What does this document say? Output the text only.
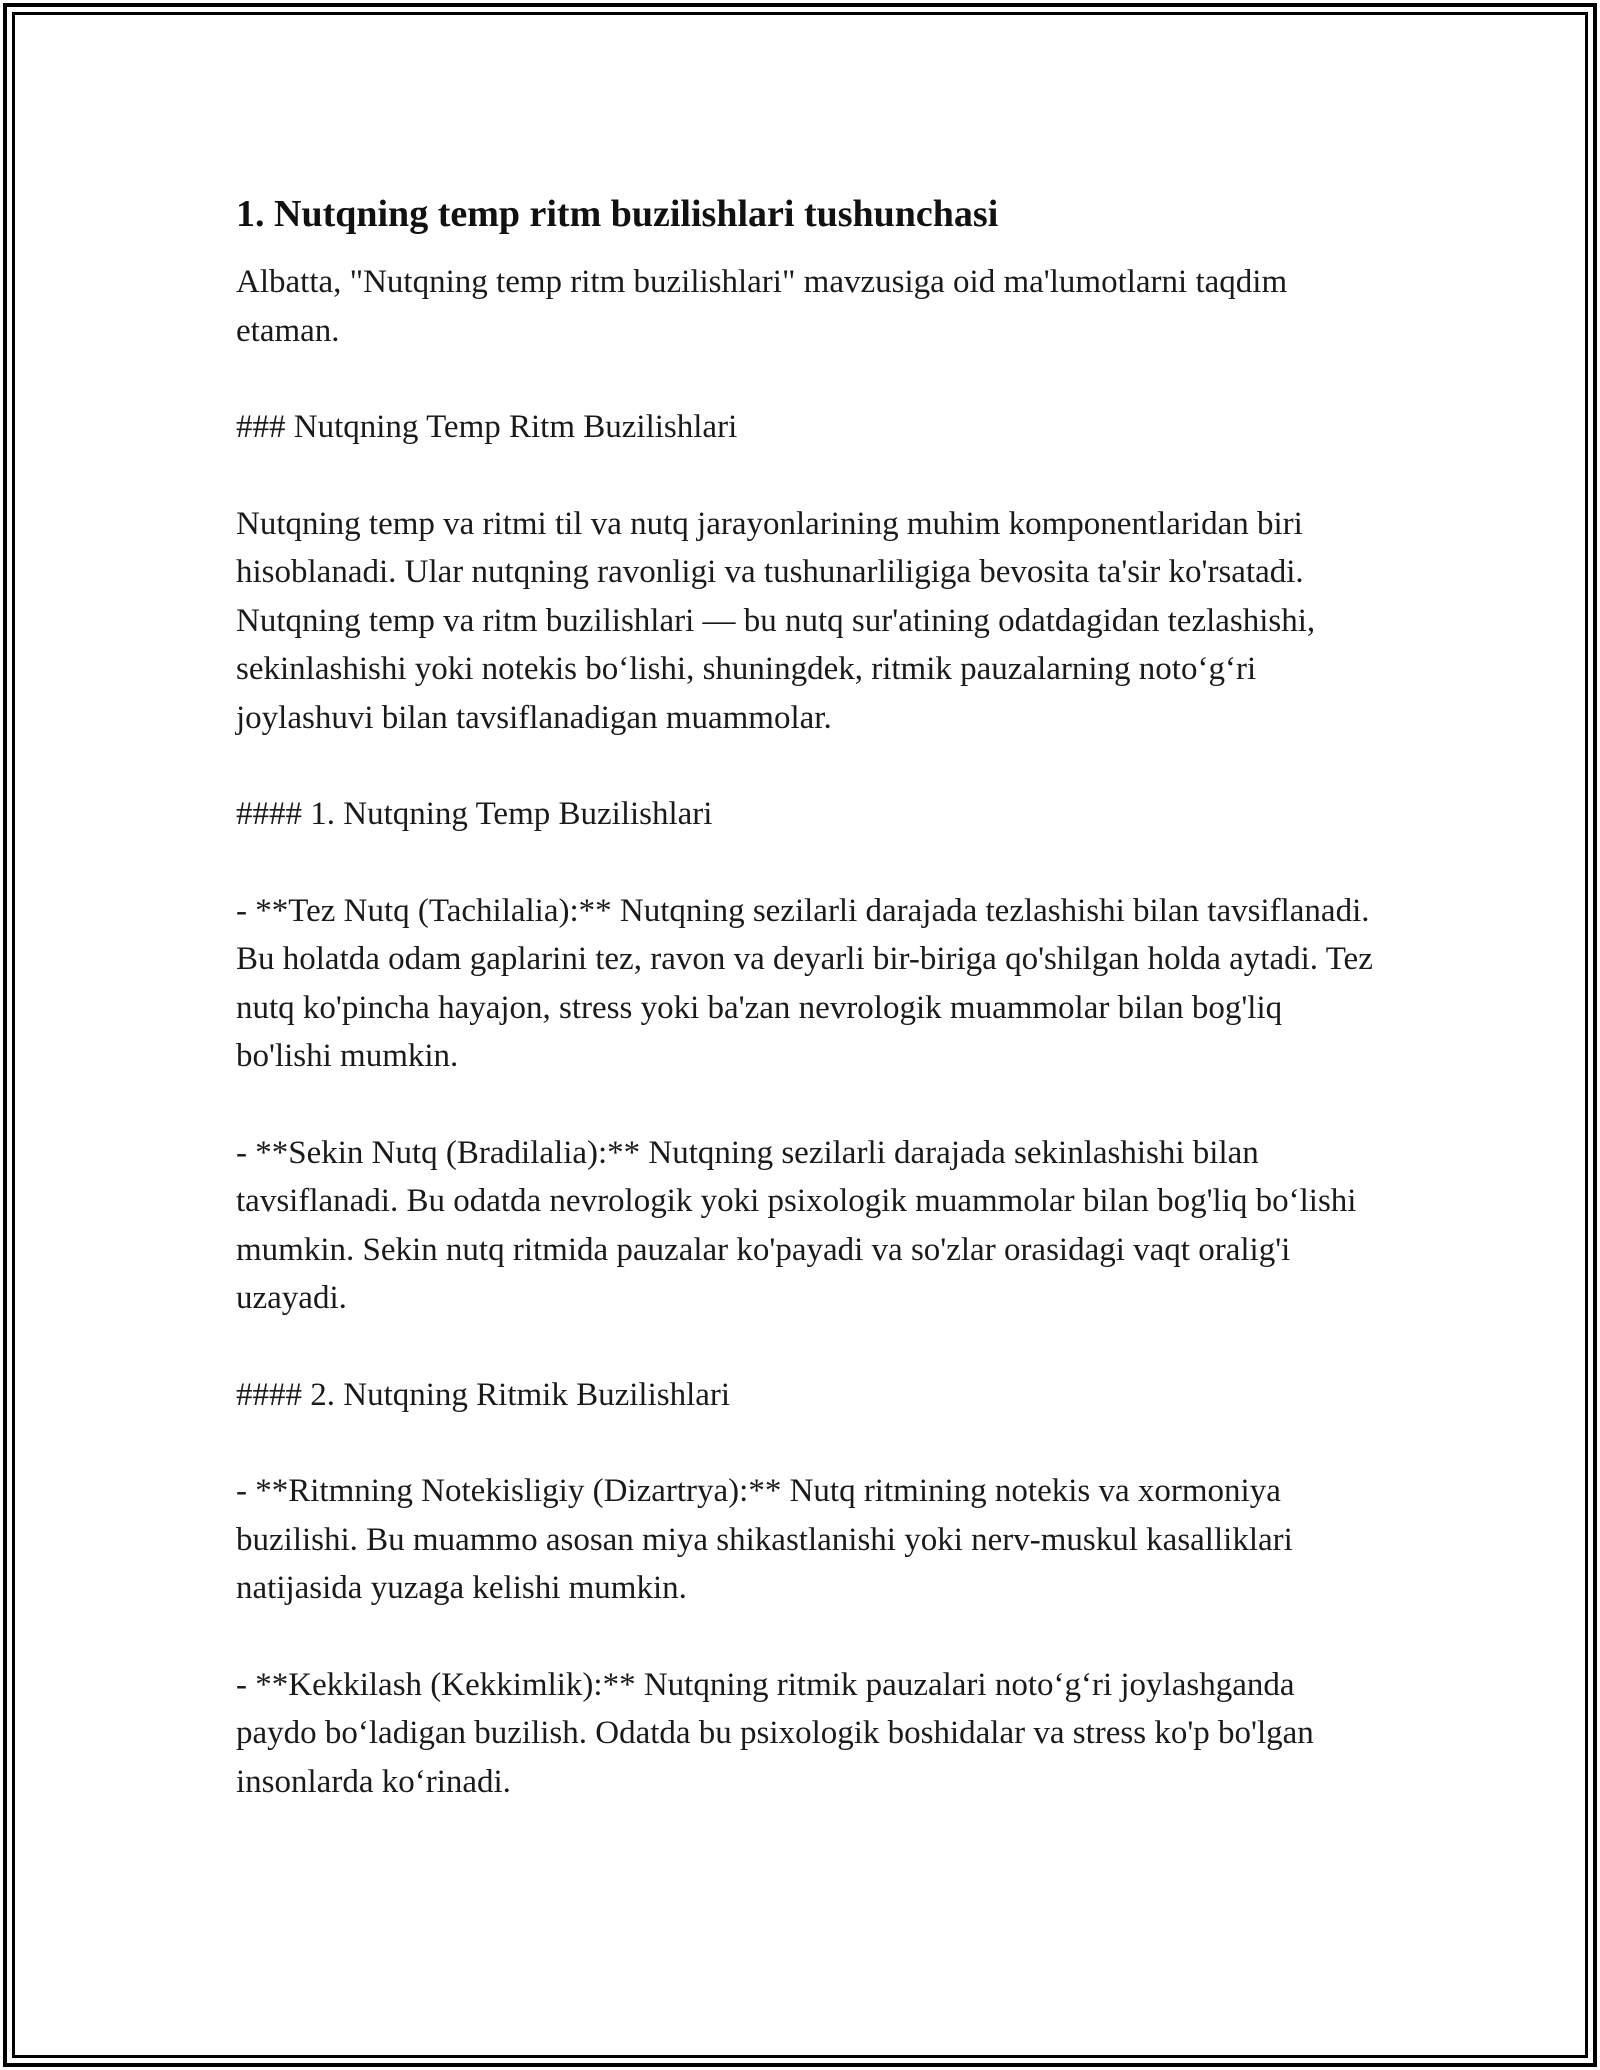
1. Nutqning temp ritm buzilishlari tushunchasi

Albatta, "Nutqning temp ritm buzilishlari" mavzusiga oid ma'lumotlarni taqdim etaman.

### Nutqning Temp Ritm Buzilishlari

Nutqning temp va ritmi til va nutq jarayonlarining muhim komponentlaridan biri hisoblanadi. Ular nutqning ravonligi va tushunarliligiga bevosita ta'sir ko'rsatadi. Nutqning temp va ritm buzilishlari — bu nutq sur'atining odatdagidan tezlashishi, sekinlashishi yoki notekis bo‘lishi, shuningdek, ritmik pauzalarning noto‘g‘ri joylashuvi bilan tavsiflanadigan muammolar.

#### 1. Nutqning Temp Buzilishlari

- **Tez Nutq (Tachilalia):** Nutqning sezilarli darajada tezlashishi bilan tavsiflanadi. Bu holatda odam gaplarini tez, ravon va deyarli bir-biriga qo'shilgan holda aytadi. Tez nutq ko'pincha hayajon, stress yoki ba'zan nevrologik muammolar bilan bog'liq bo'lishi mumkin.

- **Sekin Nutq (Bradilalia):** Nutqning sezilarli darajada sekinlashishi bilan tavsiflanadi. Bu odatda nevrologik yoki psixologik muammolar bilan bog'liq bo‘lishi mumkin. Sekin nutq ritmida pauzalar ko'payadi va so'zlar orasidagi vaqt oralig'i uzayadi.

#### 2. Nutqning Ritmik Buzilishlari

- **Ritmning Notekisligiy (Dizartrya):** Nutq ritmining notekis va xormoniya buzilishi. Bu muammo asosan miya shikastlanishi yoki nerv-muskul kasalliklari natijasida yuzaga kelishi mumkin.

- **Kekkilash (Kekkimlik):** Nutqning ritmik pauzalari noto‘g‘ri joylashganda paydo bo‘ladigan buzilish. Odatda bu psixologik boshidalar va stress ko'p bo'lgan insonlarda ko‘rinadi.
